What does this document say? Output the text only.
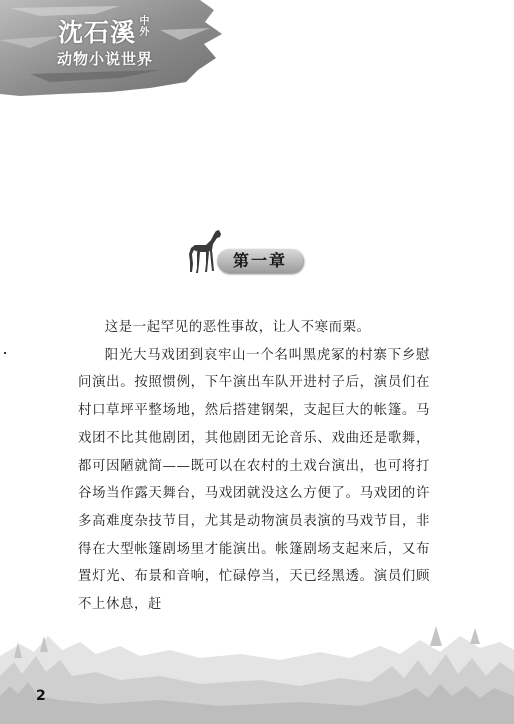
沈石溪 中外
动物小说世界
第一章

这是一起罕见的恶性事故，让人不寒而栗。

阳光大马戏团到哀牢山一个名叫黑虎冢的村寨下乡慰问演出。按照惯例，下午演出车队开进村子后，演员们在村口草坪平整场地，然后搭建钢架，支起巨大的帐篷。马戏团不比其他剧团，其他剧团无论音乐、戏曲还是歌舞，都可因陋就简——既可以在农村的土戏台演出，也可将打谷场当作露天舞台，马戏团就没这么方便了。马戏团的许多高难度杂技节目，尤其是动物演员表演的马戏节目，非得在大型帐篷剧场里才能演出。帐篷剧场支起来后，又布置灯光、布景和音响，忙碌停当，天已经黑透。演员们顾不上休息，赶

2
